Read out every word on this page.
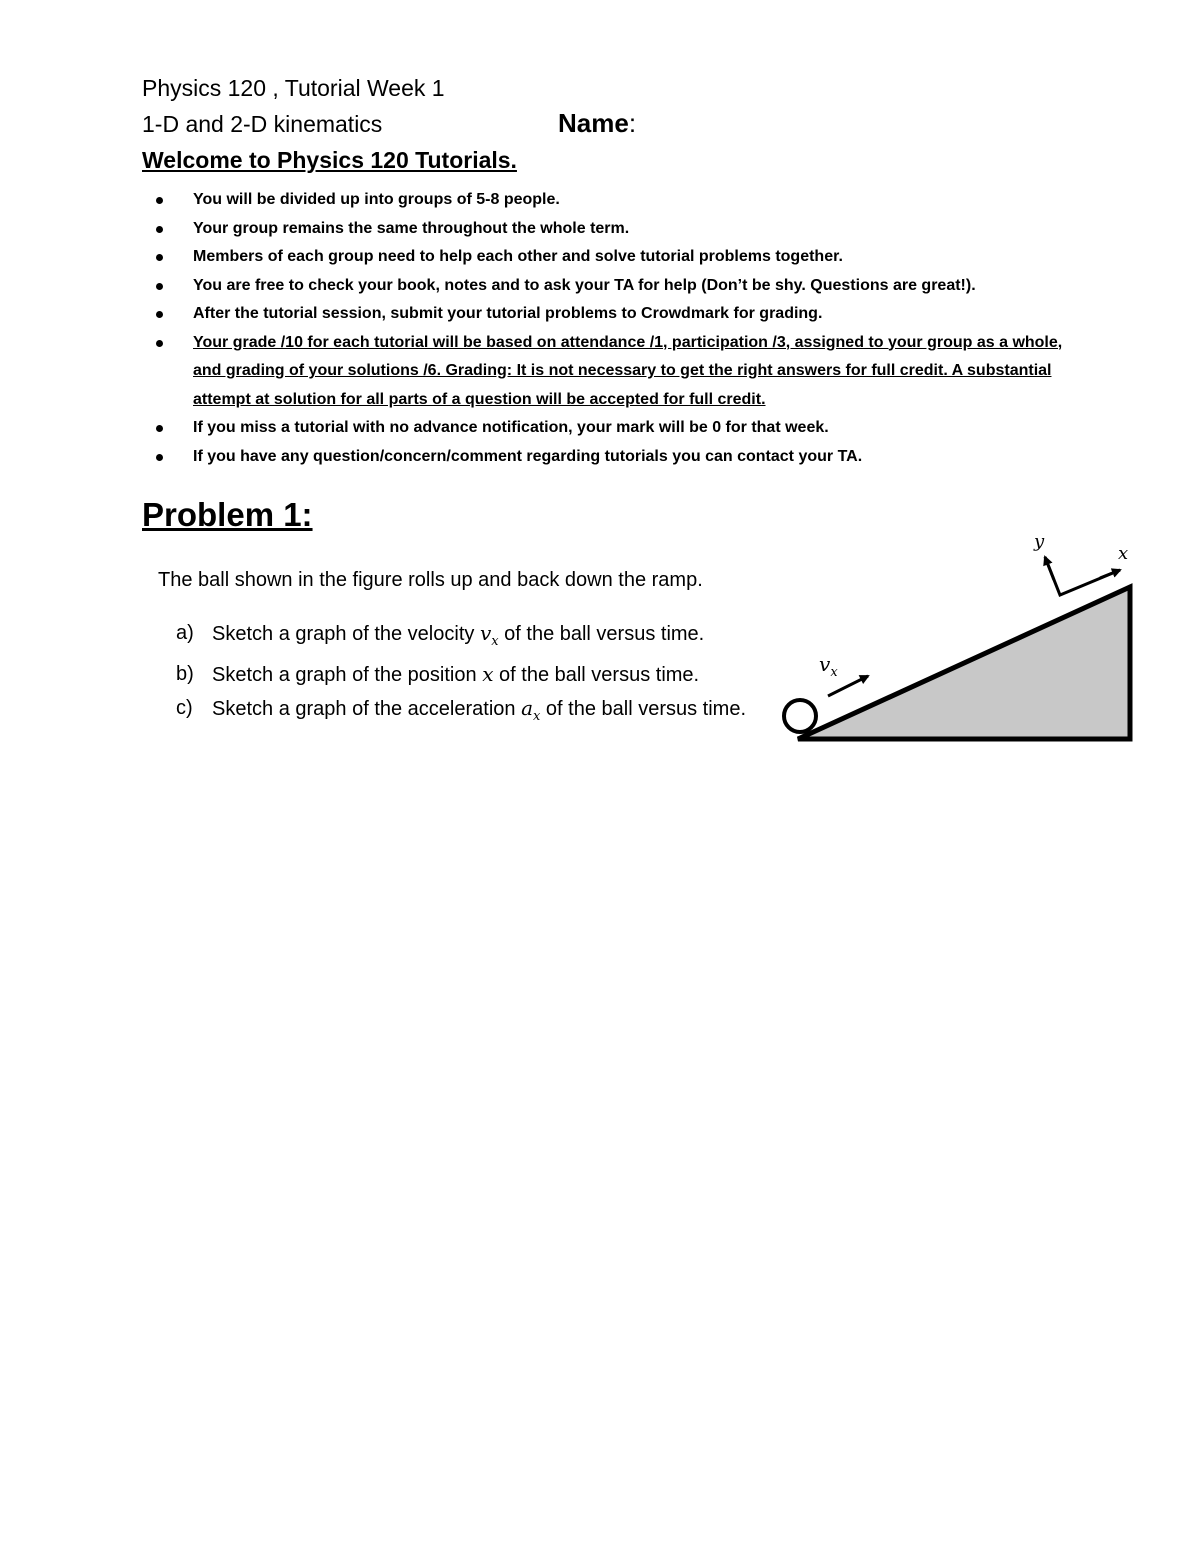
Physics 120 , Tutorial Week 1
1-D and 2-D kinematics	Name:
Welcome to Physics 120 Tutorials.
You will be divided up into groups of 5-8 people.
Your group remains the same throughout the whole term.
Members of each group need to help each other and solve tutorial problems together.
You are free to check your book, notes and to ask your TA for help (Don’t be shy. Questions are great!).
After the tutorial session, submit your tutorial problems to Crowdmark for grading.
Your grade /10 for each tutorial will be based on attendance /1, participation /3, assigned to your group as a whole, and grading of your solutions /6. Grading: It is not necessary to get the right answers for full credit. A substantial attempt at solution for all parts of a question will be accepted for full credit.
If you miss a tutorial with no advance notification, your mark will be 0 for that week.
If you have any question/concern/comment regarding tutorials you can contact your TA.
Problem 1:
The ball shown in the figure rolls up and back down the ramp.
a) Sketch a graph of the velocity $v_x$ of the ball versus time.
b) Sketch a graph of the position x of the ball versus time.
c) Sketch a graph of the acceleration $a_x$ of the ball versus time.
$v_x$
y
x
